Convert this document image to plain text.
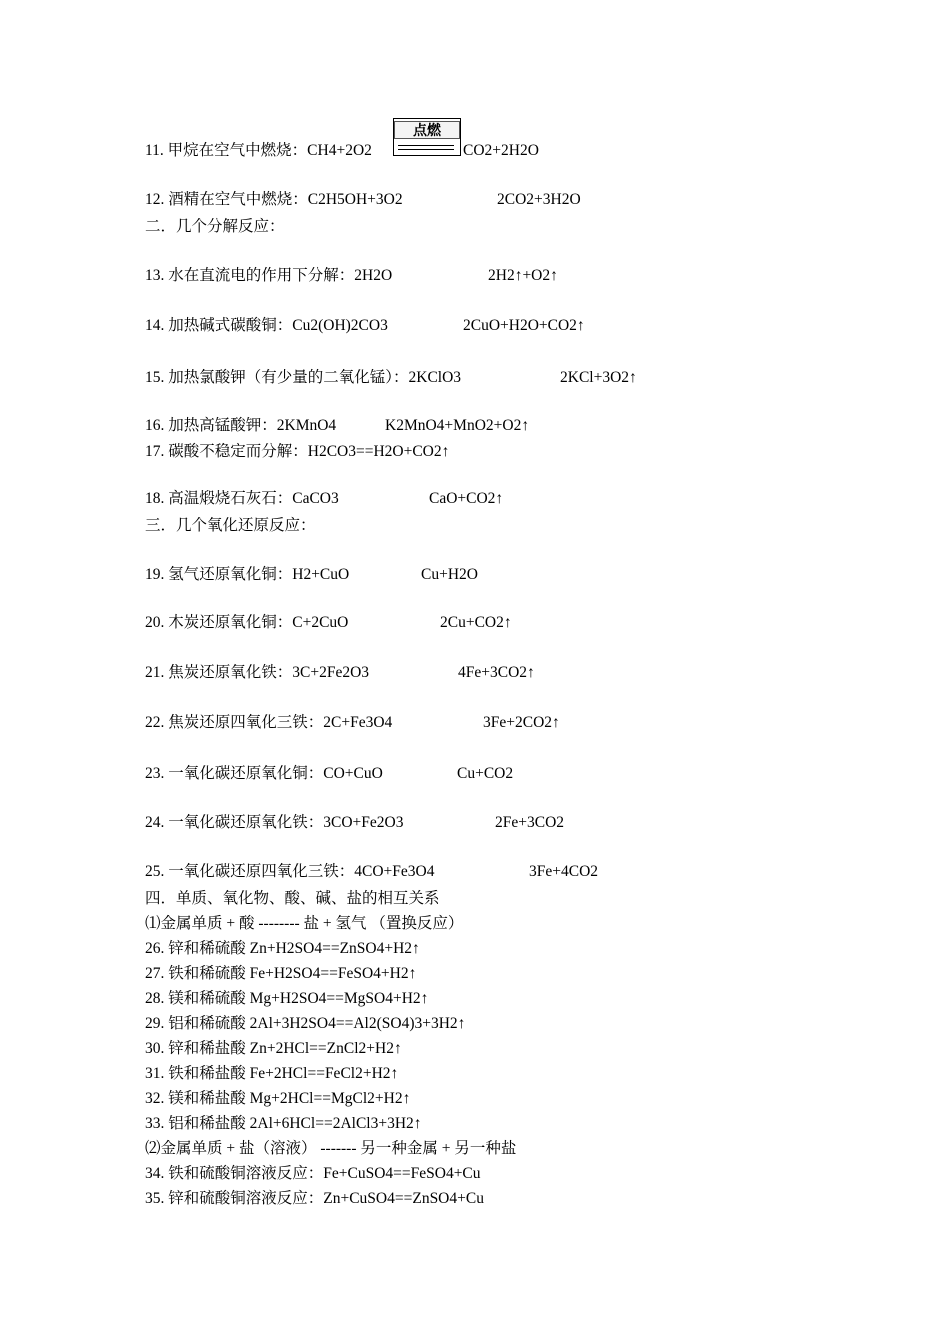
点燃
11. 甲烷在空气中燃烧：CH4+2O2	CO2+2H2O
12. 酒精在空气中燃烧：C2H5OH+3O2	2CO2+3H2O
二．几个分解反应：
13. 水在直流电的作用下分解：2H2O	2H2↑+O2↑
14. 加热碱式碳酸铜：Cu2(OH)2CO3	2CuO+H2O+CO2↑
15. 加热氯酸钾（有少量的二氧化锰）：2KClO3	2KCl+3O2↑
16. 加热高锰酸钾：2KMnO4	K2MnO4+MnO2+O2↑
17. 碳酸不稳定而分解：H2CO3==H2O+CO2↑
18. 高温煅烧石灰石：CaCO3	CaO+CO2↑
三．几个氧化还原反应：
19. 氢气还原氧化铜：H2+CuO	Cu+H2O
20. 木炭还原氧化铜：C+2CuO	2Cu+CO2↑
21. 焦炭还原氧化铁：3C+2Fe2O3	4Fe+3CO2↑
22. 焦炭还原四氧化三铁：2C+Fe3O4	3Fe+2CO2↑
23. 一氧化碳还原氧化铜：CO+CuO	Cu+CO2
24. 一氧化碳还原氧化铁：3CO+Fe2O3	2Fe+3CO2
25. 一氧化碳还原四氧化三铁：4CO+Fe3O4	3Fe+4CO2
四．单质、氧化物、酸、碱、盐的相互关系
⑴金属单质 + 酸 -------- 盐 + 氢气 （置换反应）
26. 锌和稀硫酸 Zn+H2SO4==ZnSO4+H2↑
27. 铁和稀硫酸 Fe+H2SO4==FeSO4+H2↑
28. 镁和稀硫酸 Mg+H2SO4==MgSO4+H2↑
29. 铝和稀硫酸 2Al+3H2SO4==Al2(SO4)3+3H2↑
30. 锌和稀盐酸 Zn+2HCl==ZnCl2+H2↑
31. 铁和稀盐酸 Fe+2HCl==FeCl2+H2↑
32. 镁和稀盐酸 Mg+2HCl==MgCl2+H2↑
33. 铝和稀盐酸 2Al+6HCl==2AlCl3+3H2↑
⑵金属单质 + 盐（溶液） ------- 另一种金属 + 另一种盐
34. 铁和硫酸铜溶液反应：Fe+CuSO4==FeSO4+Cu
35. 锌和硫酸铜溶液反应：Zn+CuSO4==ZnSO4+Cu
